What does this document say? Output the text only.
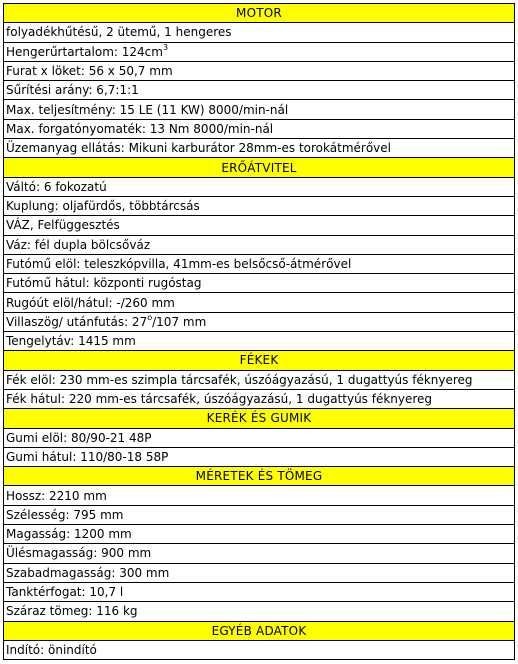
MOTOR
folyadékhűtésű, 2 ütemű, 1 hengeres
Hengerűrtartalom: $124cm^3$
Furat x löket: 56 x 50,7 mm
Sűrítési arány: 6,7:1:1
Max. teljesítmény: 15 LE (11 KW) 8000/min-nál
Max. forgatónyomaték: 13 Nm 8000/min-nál
Üzemanyag ellátás: Mikuni karburátor 28mm-es torokátmérővel
ERŐÁTVITEL
Váltó: 6 fokozatú
Kuplung: oljafürdős, többtárcsás
VÁZ, Felfüggesztés
Váz: fél dupla bölcsőváz
Futómű elöl: teleszkópvilla, 41mm-es belsőcső-átmérővel
Futómű hátul: központi rugóstag
Rugóút elöl/hátul: -/260 mm
Villaszög/ utánfutás: 27$^o$/107 mm
Tengelytáv: 1415 mm
FÉKEK
Fék elöl: 230 mm-es szimpla tárcsafék, úszóágyazású, 1 dugattyús féknyereg
Fék hátul: 220 mm-es tárcsafék, úszóágyazású, 1 dugattyús féknyereg
KERÉK ÉS GUMIK
Gumi elöl: 80/90-21 48P
Gumi hátul: 110/80-18 58P
MÉRETEK ÉS TÖMEG
Hossz: 2210 mm
Szélesség: 795 mm
Magasság: 1200 mm
Ülésmagasság: 900 mm
Szabadmagasság: 300 mm
Tanktérfogat: 10,7 l
Száraz tömeg: 116 kg
EGYÉB ADATOK
Indító: önindító
